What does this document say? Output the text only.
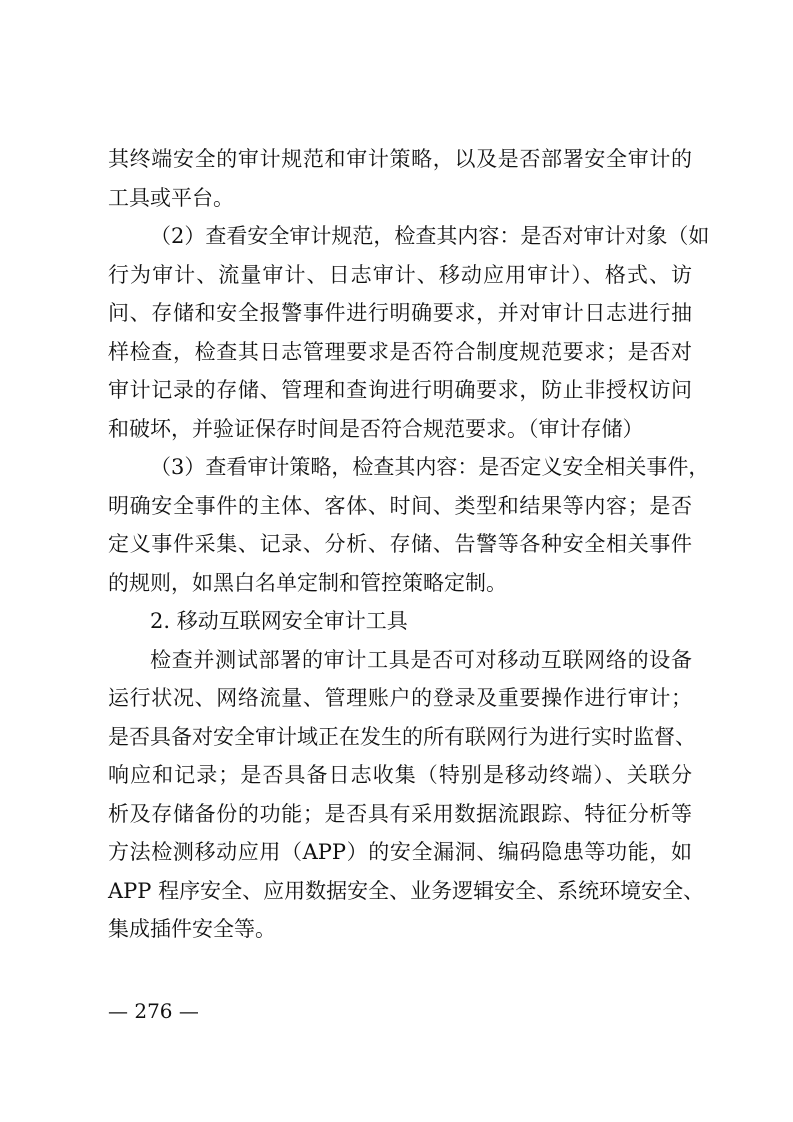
其终端安全的审计规范和审计策略，以及是否部署安全审计的
工具或平台。
（2）查看安全审计规范，检查其内容：是否对审计对象（如
行为审计、流量审计、日志审计、移动应用审计）、格式、访
问、存储和安全报警事件进行明确要求，并对审计日志进行抽
样检查，检查其日志管理要求是否符合制度规范要求；是否对
审计记录的存储、管理和查询进行明确要求，防止非授权访问
和破坏，并验证保存时间是否符合规范要求。（审计存储）
（3）查看审计策略，检查其内容：是否定义安全相关事件，
明确安全事件的主体、客体、时间、类型和结果等内容；是否
定义事件采集、记录、分析、存储、告警等各种安全相关事件
的规则，如黑白名单定制和管控策略定制。
2. 移动互联网安全审计工具
检查并测试部署的审计工具是否可对移动互联网络的设备
运行状况、网络流量、管理账户的登录及重要操作进行审计；
是否具备对安全审计域正在发生的所有联网行为进行实时监督、
响应和记录；是否具备日志收集（特别是移动终端）、关联分
析及存储备份的功能；是否具有采用数据流跟踪、特征分析等
方法检测移动应用（APP）的安全漏洞、编码隐患等功能，如
APP 程序安全、应用数据安全、业务逻辑安全、系统环境安全、
集成插件安全等。
— 276 —
